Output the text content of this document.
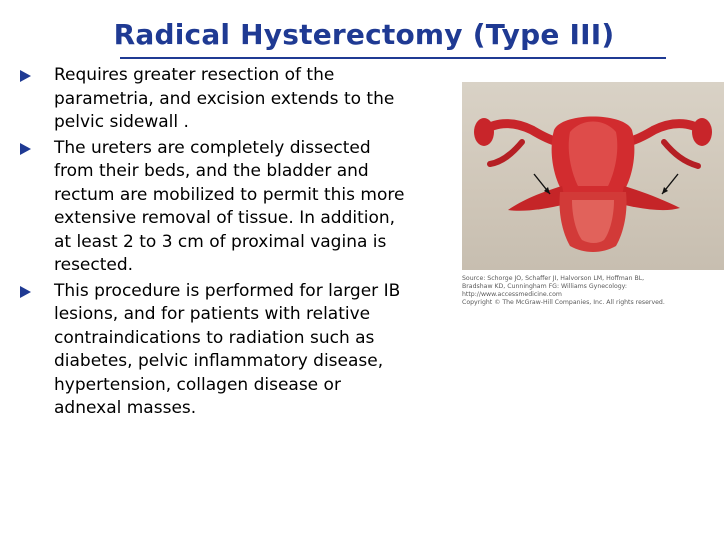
Radical Hysterectomy (Type III)
Requires greater resection of the
parametria, and excision extends to the
pelvic sidewall .
The ureters are completely dissected
from their beds, and the bladder and
rectum are mobilized to permit this more
extensive removal of tissue. In addition,
at least 2 to 3 cm of proximal vagina is
resected.
This procedure is performed for larger IB
lesions, and for patients with relative
contraindications to radiation such as
diabetes, pelvic inflammatory disease,
hypertension, collagen disease or
adnexal masses.
Source: Schorge JO, Schaffer JI, Halvorson LM, Hoffman BL,
Bradshaw KD, Cunningham FG: Williams Gynecology:
http://www.accessmedicine.com
Copyright © The McGraw-Hill Companies, Inc. All rights reserved.
